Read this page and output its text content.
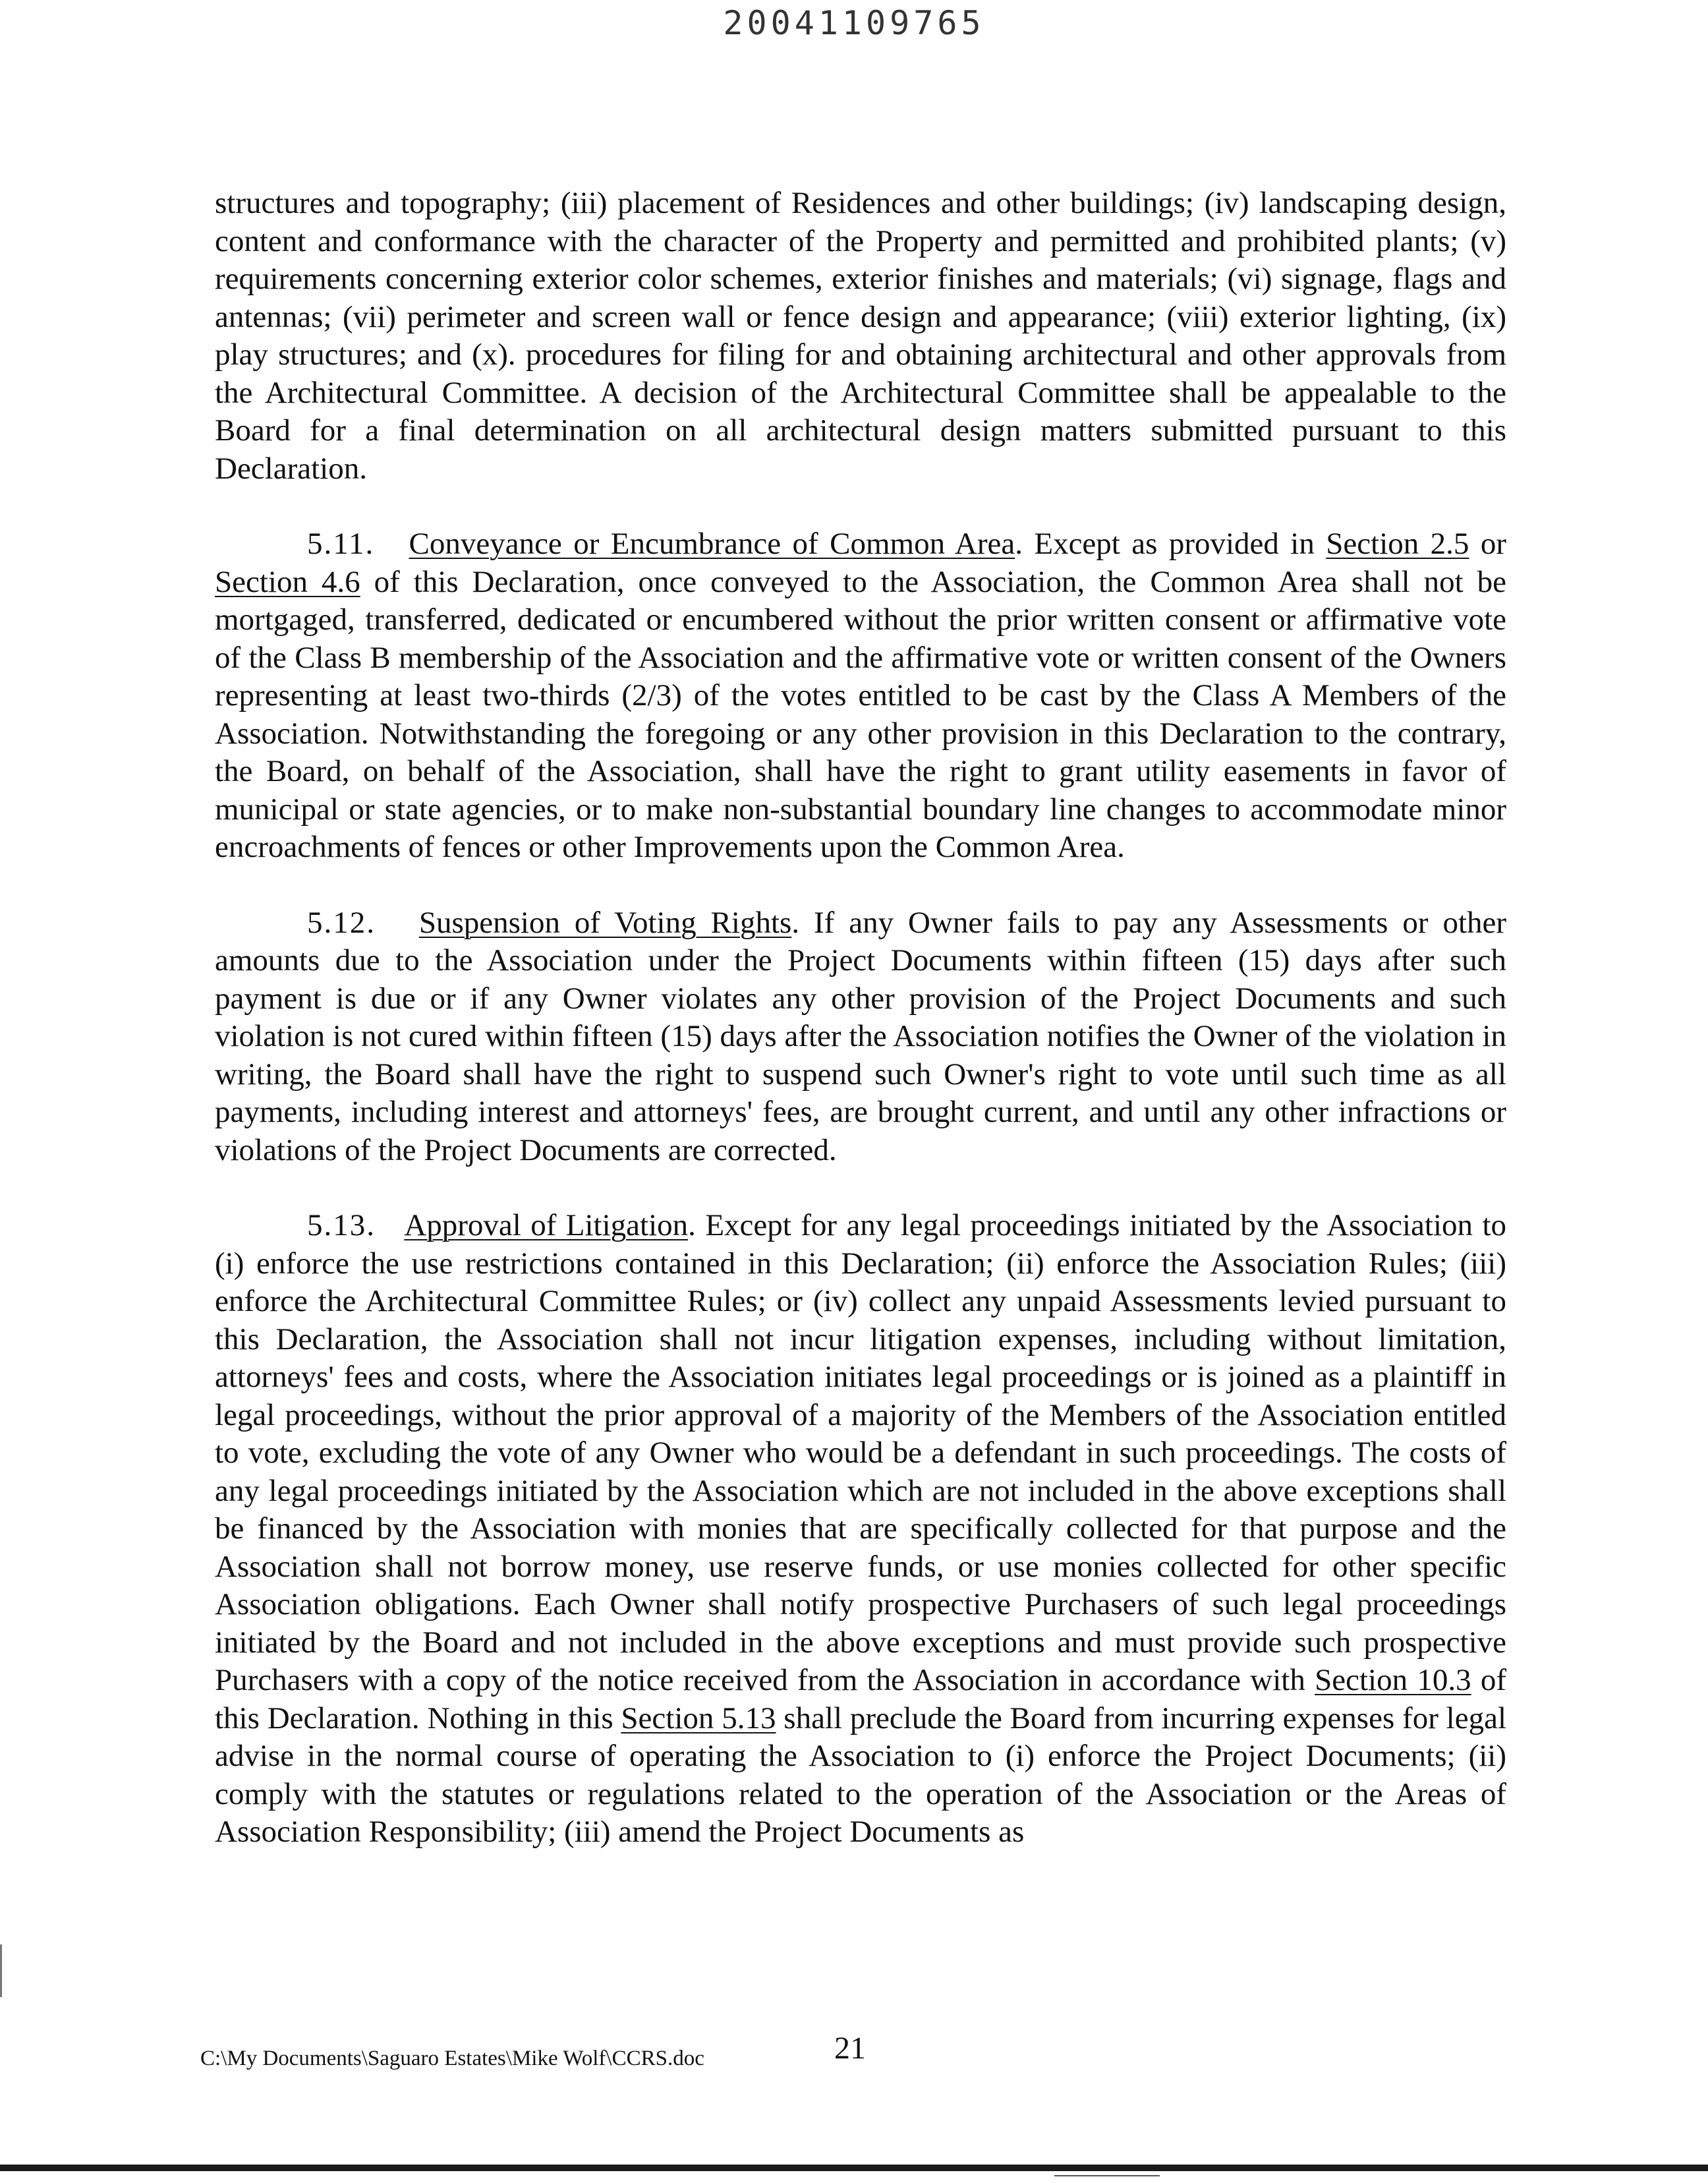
20041109765

structures and topography; (iii) placement of Residences and other buildings; (iv) landscaping design, content and conformance with the character of the Property and permitted and prohibited plants; (v) requirements concerning exterior color schemes, exterior finishes and materials; (vi) signage, flags and antennas; (vii) perimeter and screen wall or fence design and appearance; (viii) exterior lighting, (ix) play structures; and (x). procedures for filing for and obtaining architectural and other approvals from the Architectural Committee. A decision of the Architectural Committee shall be appealable to the Board for a final determination on all architectural design matters submitted pursuant to this Declaration.

5.11. Conveyance or Encumbrance of Common Area. Except as provided in Section 2.5 or Section 4.6 of this Declaration, once conveyed to the Association, the Common Area shall not be mortgaged, transferred, dedicated or encumbered without the prior written consent or affirmative vote of the Class B membership of the Association and the affirmative vote or written consent of the Owners representing at least two-thirds (2/3) of the votes entitled to be cast by the Class A Members of the Association. Notwithstanding the foregoing or any other provision in this Declaration to the contrary, the Board, on behalf of the Association, shall have the right to grant utility easements in favor of municipal or state agencies, or to make non-substantial boundary line changes to accommodate minor encroachments of fences or other Improvements upon the Common Area.

5.12. Suspension of Voting Rights. If any Owner fails to pay any Assessments or other amounts due to the Association under the Project Documents within fifteen (15) days after such payment is due or if any Owner violates any other provision of the Project Documents and such violation is not cured within fifteen (15) days after the Association notifies the Owner of the violation in writing, the Board shall have the right to suspend such Owner's right to vote until such time as all payments, including interest and attorneys' fees, are brought current, and until any other infractions or violations of the Project Documents are corrected.

5.13. Approval of Litigation. Except for any legal proceedings initiated by the Association to (i) enforce the use restrictions contained in this Declaration; (ii) enforce the Association Rules; (iii) enforce the Architectural Committee Rules; or (iv) collect any unpaid Assessments levied pursuant to this Declaration, the Association shall not incur litigation expenses, including without limitation, attorneys' fees and costs, where the Association initiates legal proceedings or is joined as a plaintiff in legal proceedings, without the prior approval of a majority of the Members of the Association entitled to vote, excluding the vote of any Owner who would be a defendant in such proceedings. The costs of any legal proceedings initiated by the Association which are not included in the above exceptions shall be financed by the Association with monies that are specifically collected for that purpose and the Association shall not borrow money, use reserve funds, or use monies collected for other specific Association obligations. Each Owner shall notify prospective Purchasers of such legal proceedings initiated by the Board and not included in the above exceptions and must provide such prospective Purchasers with a copy of the notice received from the Association in accordance with Section 10.3 of this Declaration. Nothing in this Section 5.13 shall preclude the Board from incurring expenses for legal advise in the normal course of operating the Association to (i) enforce the Project Documents; (ii) comply with the statutes or regulations related to the operation of the Association or the Areas of Association Responsibility; (iii) amend the Project Documents as

C:\My Documents\Saguaro Estates\Mike Wolf\CCRS.doc	21
